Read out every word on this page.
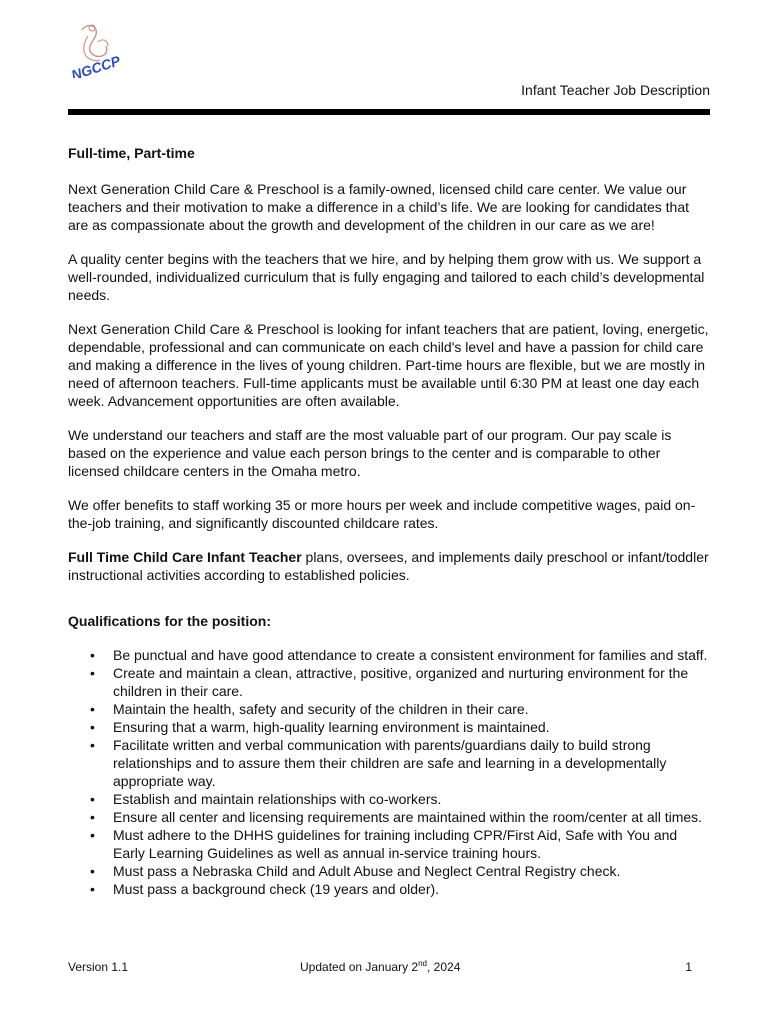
NGCCP
Infant Teacher Job Description
Full-time, Part-time

Next Generation Child Care & Preschool is a family-owned, licensed child care center. We value our teachers and their motivation to make a difference in a child’s life. We are looking for candidates that are as compassionate about the growth and development of the children in our care as we are!

A quality center begins with the teachers that we hire, and by helping them grow with us. We support a well-rounded, individualized curriculum that is fully engaging and tailored to each child’s developmental needs.

Next Generation Child Care & Preschool is looking for infant teachers that are patient, loving, energetic, dependable, professional and can communicate on each child's level and have a passion for child care and making a difference in the lives of young children. Part-time hours are flexible, but we are mostly in need of afternoon teachers. Full-time applicants must be available until 6:30 PM at least one day each week. Advancement opportunities are often available.

We understand our teachers and staff are the most valuable part of our program. Our pay scale is based on the experience and value each person brings to the center and is comparable to other licensed childcare centers in the Omaha metro.

We offer benefits to staff working 35 or more hours per week and include competitive wages, paid on-the-job training, and significantly discounted childcare rates.

Full Time Child Care Infant Teacher plans, oversees, and implements daily preschool or infant/toddler instructional activities according to established policies.

Qualifications for the position:
• Be punctual and have good attendance to create a consistent environment for families and staff.
• Create and maintain a clean, attractive, positive, organized and nurturing environment for the children in their care.
• Maintain the health, safety and security of the children in their care.
• Ensuring that a warm, high-quality learning environment is maintained.
• Facilitate written and verbal communication with parents/guardians daily to build strong relationships and to assure them their children are safe and learning in a developmentally appropriate way.
• Establish and maintain relationships with co-workers.
• Ensure all center and licensing requirements are maintained within the room/center at all times.
• Must adhere to the DHHS guidelines for training including CPR/First Aid, Safe with You and Early Learning Guidelines as well as annual in-service training hours.
• Must pass a Nebraska Child and Adult Abuse and Neglect Central Registry check.
• Must pass a background check (19 years and older).
Version 1.1	Updated on January 2nd, 2024	1
